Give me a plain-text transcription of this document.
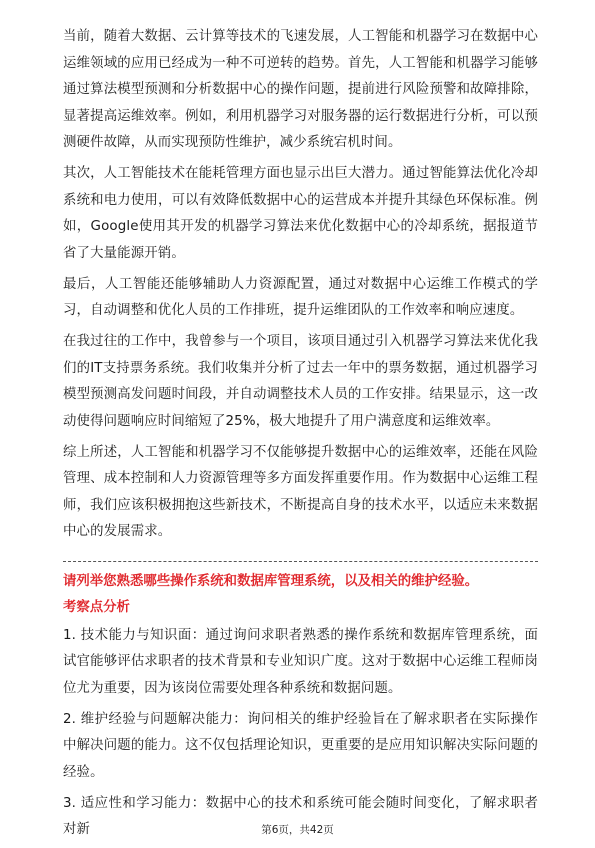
当前，随着大数据、云计算等技术的飞速发展，人工智能和机器学习在数据中心运维领域的应用已经成为一种不可逆转的趋势。首先，人工智能和机器学习能够通过算法模型预测和分析数据中心的操作问题，提前进行风险预警和故障排除，显著提高运维效率。例如，利用机器学习对服务器的运行数据进行分析，可以预测硬件故障，从而实现预防性维护，减少系统宕机时间。

其次，人工智能技术在能耗管理方面也显示出巨大潜力。通过智能算法优化冷却系统和电力使用，可以有效降低数据中心的运营成本并提升其绿色环保标准。例如，Google使用其开发的机器学习算法来优化数据中心的冷却系统，据报道节省了大量能源开销。

最后，人工智能还能够辅助人力资源配置，通过对数据中心运维工作模式的学习，自动调整和优化人员的工作排班，提升运维团队的工作效率和响应速度。

在我过往的工作中，我曾参与一个项目，该项目通过引入机器学习算法来优化我们的IT支持票务系统。我们收集并分析了过去一年中的票务数据，通过机器学习模型预测高发问题时间段，并自动调整技术人员的工作安排。结果显示，这一改动使得问题响应时间缩短了25%，极大地提升了用户满意度和运维效率。

综上所述，人工智能和机器学习不仅能够提升数据中心的运维效率，还能在风险管理、成本控制和人力资源管理等多方面发挥重要作用。作为数据中心运维工程师，我们应该积极拥抱这些新技术，不断提高自身的技术水平，以适应未来数据中心的发展需求。

请列举您熟悉哪些操作系统和数据库管理系统，以及相关的维护经验。
考察点分析

1. 技术能力与知识面：通过询问求职者熟悉的操作系统和数据库管理系统，面试官能够评估求职者的技术背景和专业知识广度。这对于数据中心运维工程师岗位尤为重要，因为该岗位需要处理各种系统和数据问题。

2. 维护经验与问题解决能力：询问相关的维护经验旨在了解求职者在实际操作中解决问题的能力。这不仅包括理论知识，更重要的是应用知识解决实际问题的经验。

3. 适应性和学习能力：数据中心的技术和系统可能会随时间变化，了解求职者对新	第6页，共42页
